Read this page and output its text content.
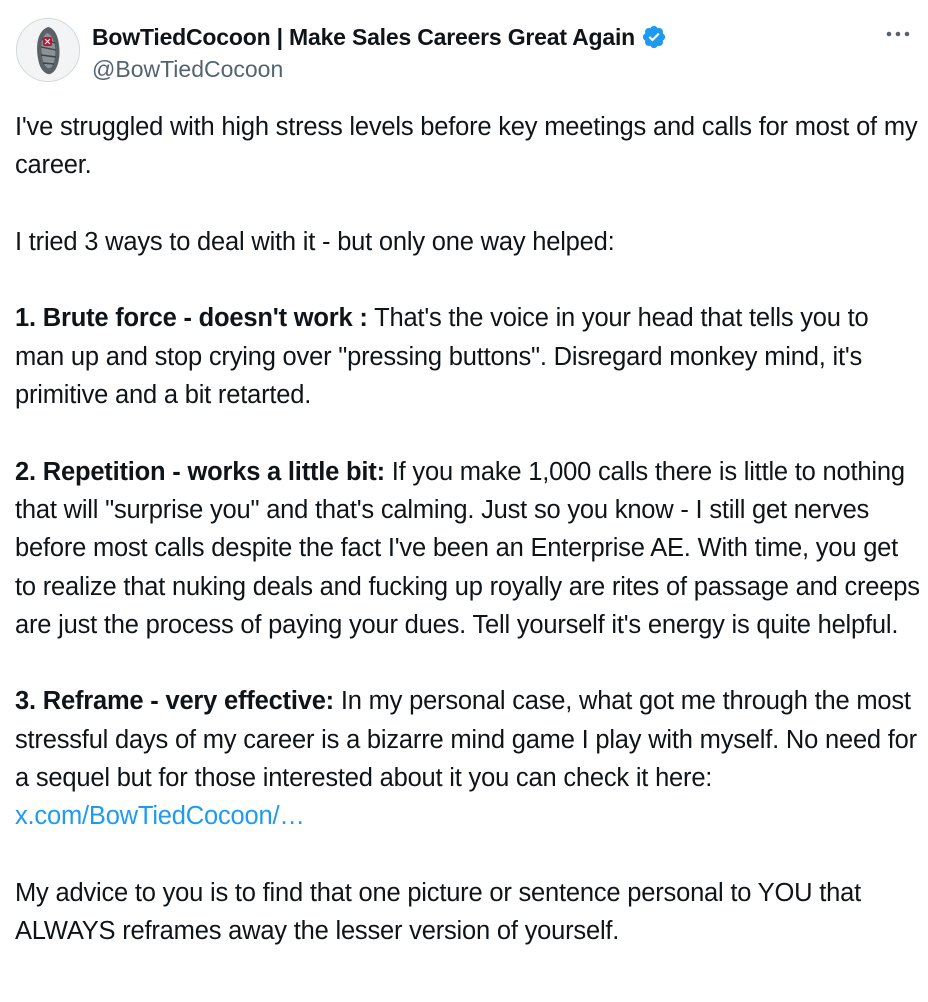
BowTiedCocoon | Make Sales Careers Great Again
@BowTiedCocoon

I've struggled with high stress levels before key meetings and calls for most of my career.

I tried 3 ways to deal with it - but only one way helped:

1. Brute force - doesn't work : That's the voice in your head that tells you to man up and stop crying over "pressing buttons". Disregard monkey mind, it's primitive and a bit retarted.

2. Repetition - works a little bit: If you make 1,000 calls there is little to nothing that will "surprise you" and that's calming. Just so you know - I still get nerves before most calls despite the fact I've been an Enterprise AE. With time, you get to realize that nuking deals and fucking up royally are rites of passage and creeps are just the process of paying your dues. Tell yourself it's energy is quite helpful.

3. Reframe - very effective: In my personal case, what got me through the most stressful days of my career is a bizarre mind game I play with myself. No need for a sequel but for those interested about it you can check it here: x.com/BowTiedCocoon/…

My advice to you is to find that one picture or sentence personal to YOU that ALWAYS reframes away the lesser version of yourself.
